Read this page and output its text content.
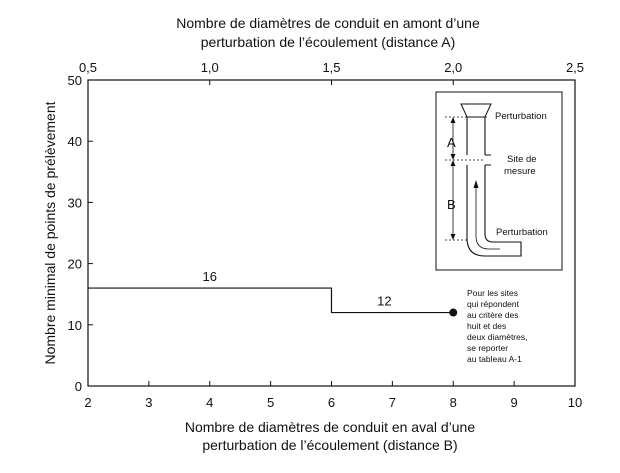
Nombre de diamètres de conduit en amont d’une
perturbation de l’écoulement (distance A)
Nombre de diamètres de conduit en aval d’une
perturbation de l’écoulement (distance B)
Nombre minimal de points de prélèvement
2	3	4	5	6	7	8	9	10
0,5	1,0	1,5	2,0	2,5
0
10
20
30
40
50
16
12
Pour les sites
qui répondent
au critère des
huit et des
deux diamètres,
se reporter
au tableau A-1
A
B
Perturbation
Site de
mesure
Perturbation
